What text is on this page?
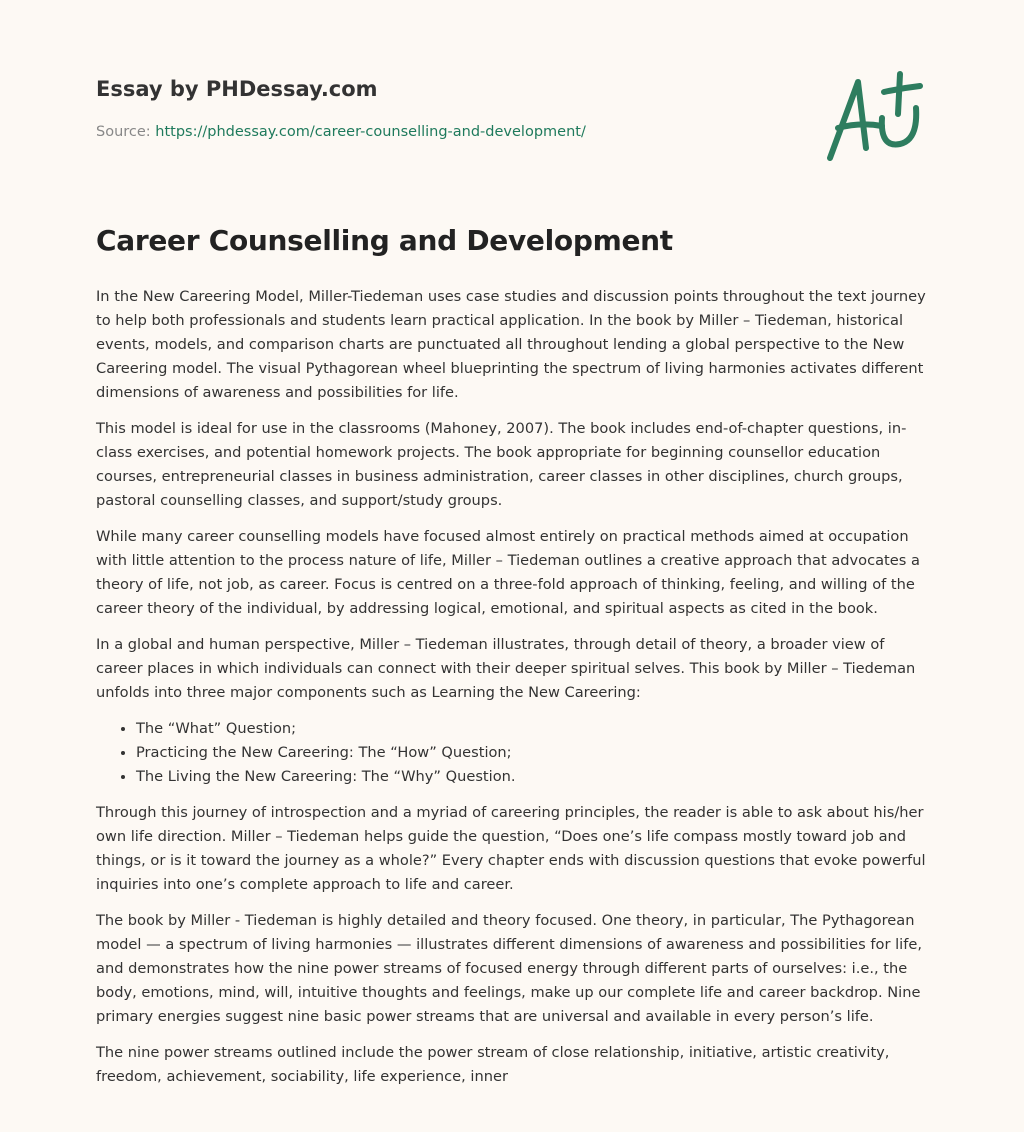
Essay by PHDessay.com

Source: https://phdessay.com/career-counselling-and-development/
Career Counselling and Development

In the New Careering Model, Miller-Tiedeman uses case studies and discussion points throughout the text journey to help both professionals and students learn practical application. In the book by Miller – Tiedeman, historical events, models, and comparison charts are punctuated all throughout lending a global perspective to the New Careering model. The visual Pythagorean wheel blueprinting the spectrum of living harmonies activates different dimensions of awareness and possibilities for life.

This model is ideal for use in the classrooms (Mahoney, 2007). The book includes end-of-chapter questions, in-class exercises, and potential homework projects. The book appropriate for beginning counsellor education courses, entrepreneurial classes in business administration, career classes in other disciplines, church groups, pastoral counselling classes, and support/study groups.

While many career counselling models have focused almost entirely on practical methods aimed at occupation with little attention to the process nature of life, Miller – Tiedeman outlines a creative approach that advocates a theory of life, not job, as career. Focus is centred on a three-fold approach of thinking, feeling, and willing of the career theory of the individual, by addressing logical, emotional, and spiritual aspects as cited in the book.

In a global and human perspective, Miller – Tiedeman illustrates, through detail of theory, a broader view of career places in which individuals can connect with their deeper spiritual selves. This book by Miller – Tiedeman unfolds into three major components such as Learning the New Careering:

• The “What” Question;
• Practicing the New Careering: The “How” Question;
• The Living the New Careering: The “Why” Question.

Through this journey of introspection and a myriad of careering principles, the reader is able to ask about his/her own life direction. Miller – Tiedeman helps guide the question, “Does one’s life compass mostly toward job and things, or is it toward the journey as a whole?” Every chapter ends with discussion questions that evoke powerful inquiries into one’s complete approach to life and career.

The book by Miller - Tiedeman is highly detailed and theory focused. One theory, in particular, The Pythagorean model — a spectrum of living harmonies — illustrates different dimensions of awareness and possibilities for life, and demonstrates how the nine power streams of focused energy through different parts of ourselves: i.e., the body, emotions, mind, will, intuitive thoughts and feelings, make up our complete life and career backdrop. Nine primary energies suggest nine basic power streams that are universal and available in every person’s life.

The nine power streams outlined include the power stream of close relationship, initiative, artistic creativity, freedom, achievement, sociability, life experience, inner
